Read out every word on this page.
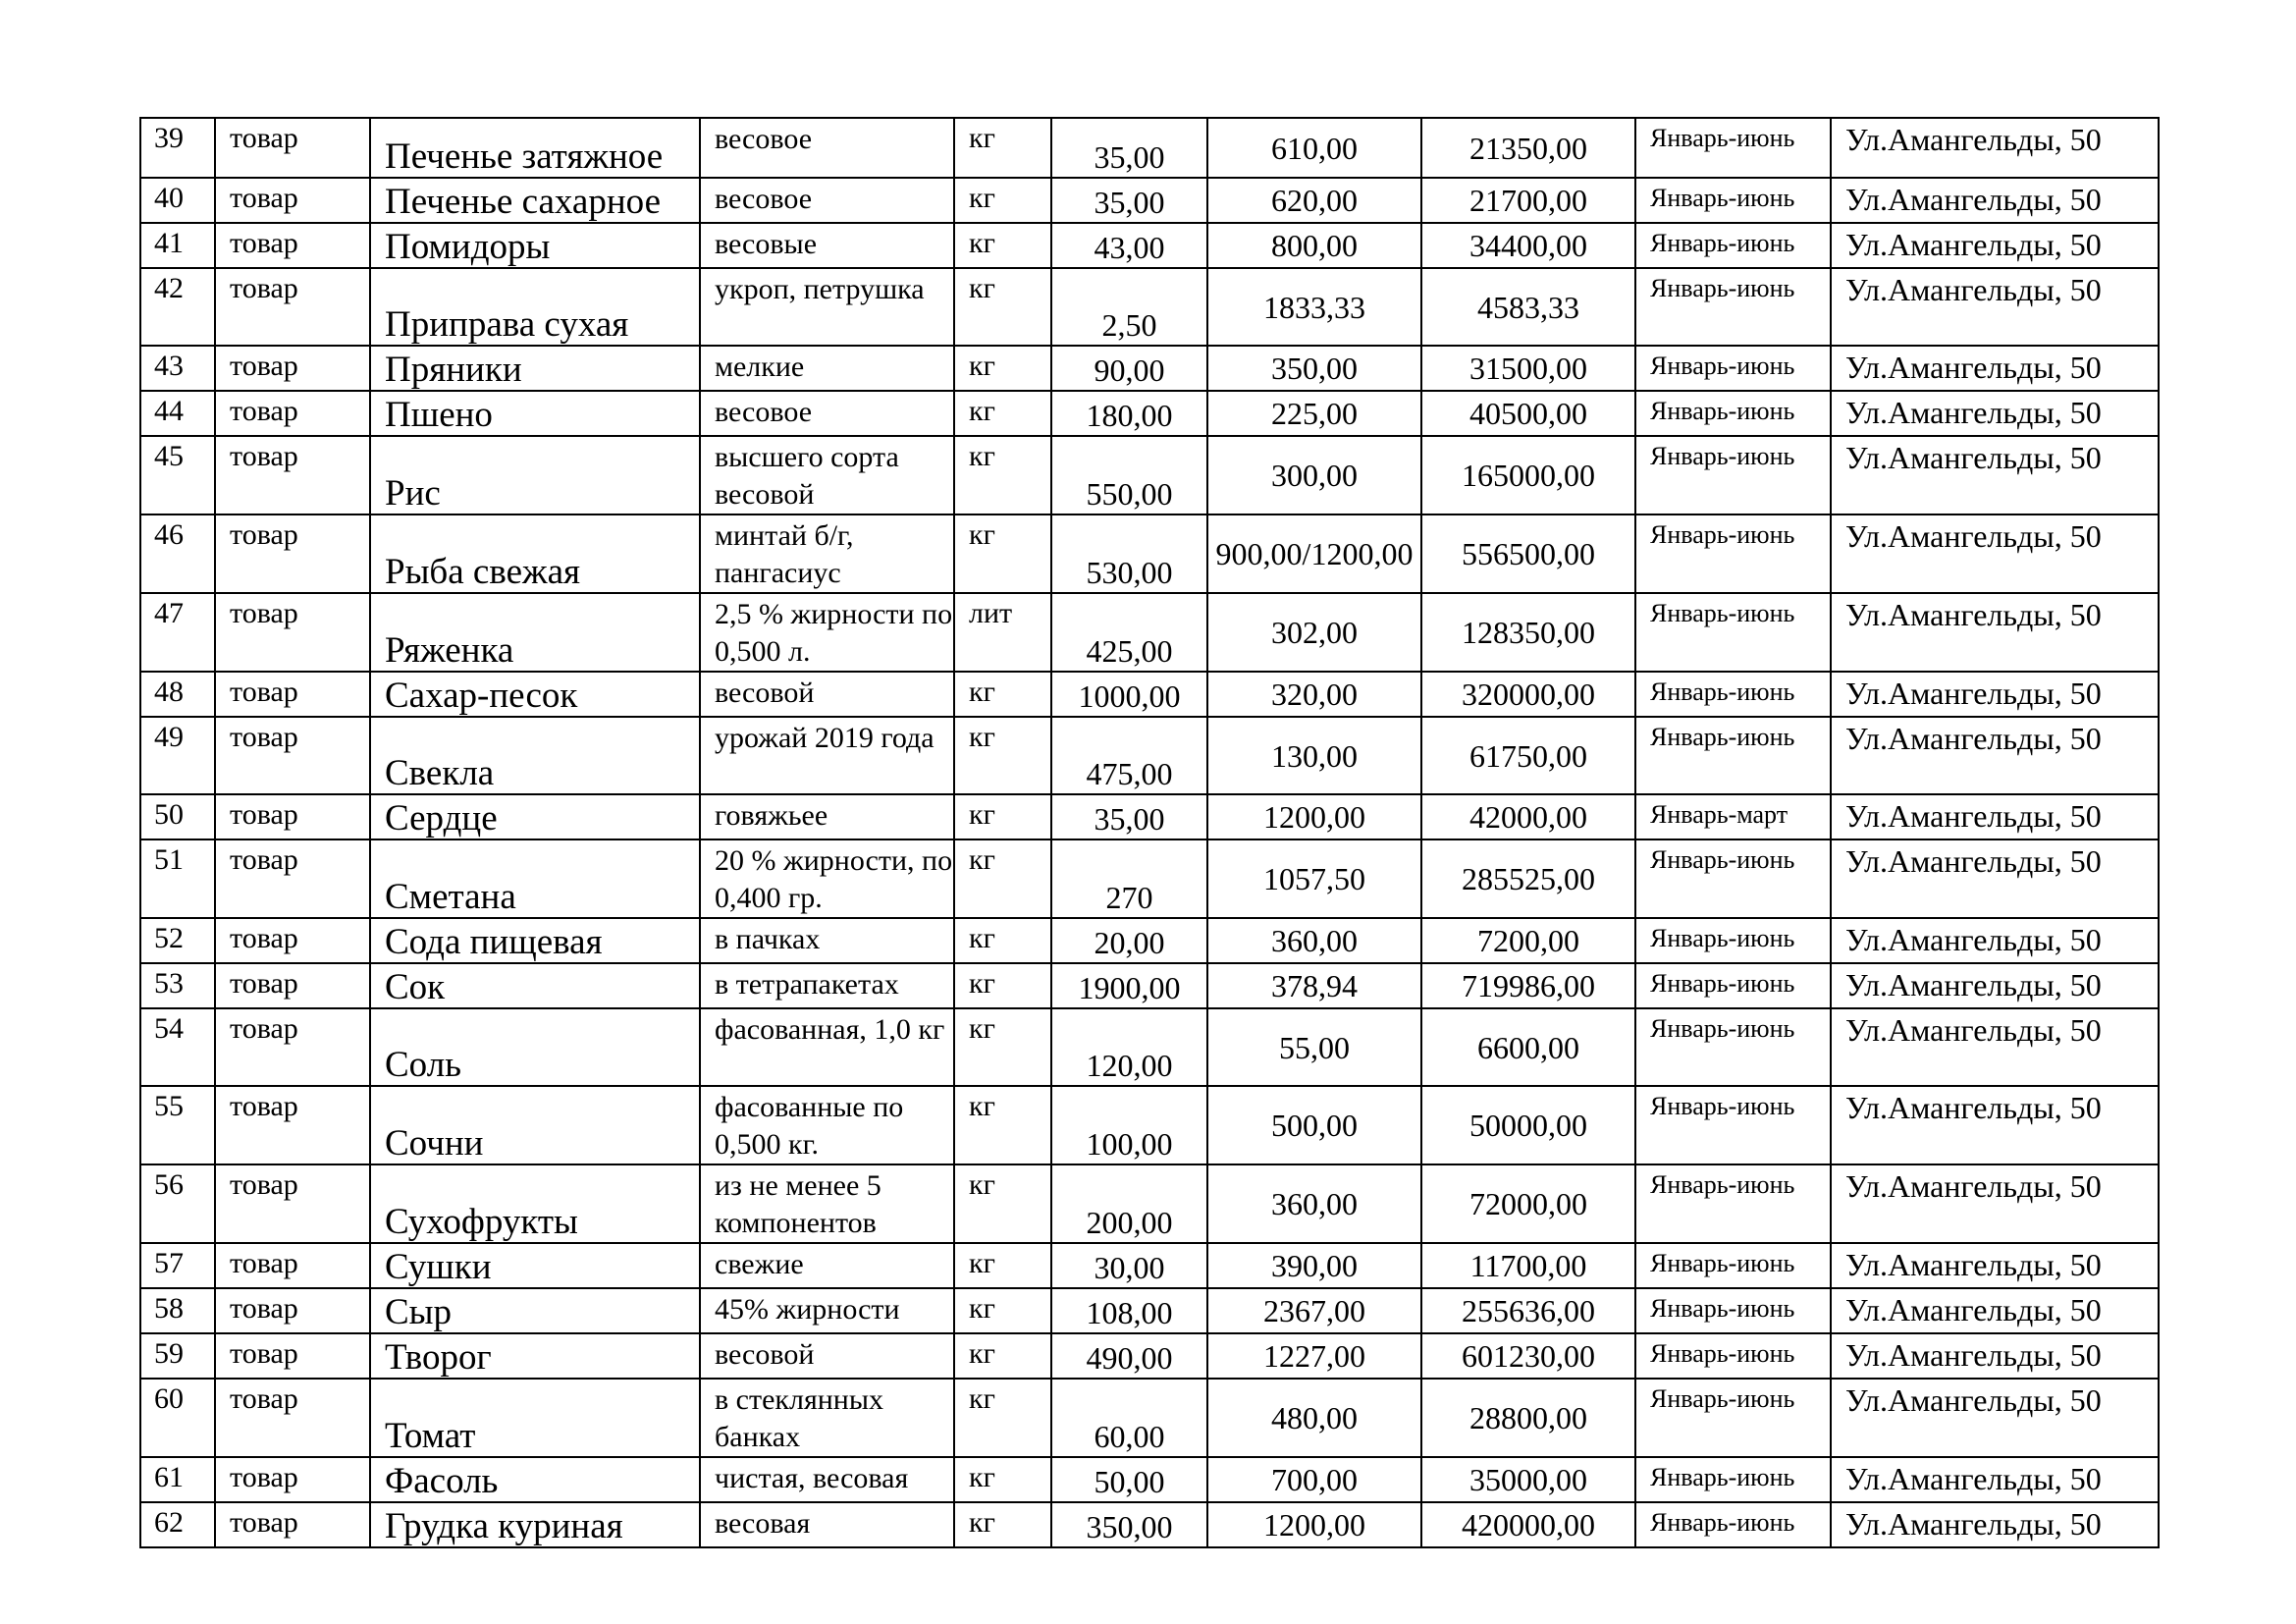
39	товар	Печенье затяжное	весовое	кг	35,00	610,00	21350,00	Январь-июнь	Ул.Амангельды, 50
40	товар	Печенье сахарное	весовое	кг	35,00	620,00	21700,00	Январь-июнь	Ул.Амангельды, 50
41	товар	Помидоры	весовые	кг	43,00	800,00	34400,00	Январь-июнь	Ул.Амангельды, 50
42	товар	Приправа сухая	укроп, петрушка	кг	2,50	1833,33	4583,33	Январь-июнь	Ул.Амангельды, 50
43	товар	Пряники	мелкие	кг	90,00	350,00	31500,00	Январь-июнь	Ул.Амангельды, 50
44	товар	Пшено	весовое	кг	180,00	225,00	40500,00	Январь-июнь	Ул.Амангельды, 50
45	товар	Рис	высшего сорта весовой	кг	550,00	300,00	165000,00	Январь-июнь	Ул.Амангельды, 50
46	товар	Рыба свежая	минтай б/г, пангасиус	кг	530,00	900,00/1200,00	556500,00	Январь-июнь	Ул.Амангельды, 50
47	товар	Ряженка	2,5 % жирности по 0,500 л.	лит	425,00	302,00	128350,00	Январь-июнь	Ул.Амангельды, 50
48	товар	Сахар-песок	весовой	кг	1000,00	320,00	320000,00	Январь-июнь	Ул.Амангельды, 50
49	товар	Свекла	урожай 2019 года	кг	475,00	130,00	61750,00	Январь-июнь	Ул.Амангельды, 50
50	товар	Сердце	говяжьее	кг	35,00	1200,00	42000,00	Январь-март	Ул.Амангельды, 50
51	товар	Сметана	20 % жирности, по 0,400 гр.	кг	270	1057,50	285525,00	Январь-июнь	Ул.Амангельды, 50
52	товар	Сода пищевая	в пачках	кг	20,00	360,00	7200,00	Январь-июнь	Ул.Амангельды, 50
53	товар	Сок	в тетрапакетах	кг	1900,00	378,94	719986,00	Январь-июнь	Ул.Амангельды, 50
54	товар	Соль	фасованная, 1,0 кг	кг	120,00	55,00	6600,00	Январь-июнь	Ул.Амангельды, 50
55	товар	Сочни	фасованные по 0,500 кг.	кг	100,00	500,00	50000,00	Январь-июнь	Ул.Амангельды, 50
56	товар	Сухофрукты	из не менее 5 компонентов	кг	200,00	360,00	72000,00	Январь-июнь	Ул.Амангельды, 50
57	товар	Сушки	свежие	кг	30,00	390,00	11700,00	Январь-июнь	Ул.Амангельды, 50
58	товар	Сыр	45% жирности	кг	108,00	2367,00	255636,00	Январь-июнь	Ул.Амангельды, 50
59	товар	Творог	весовой	кг	490,00	1227,00	601230,00	Январь-июнь	Ул.Амангельды, 50
60	товар	Томат	в стеклянных банках	кг	60,00	480,00	28800,00	Январь-июнь	Ул.Амангельды, 50
61	товар	Фасоль	чистая, весовая	кг	50,00	700,00	35000,00	Январь-июнь	Ул.Амангельды, 50
62	товар	Грудка куриная	весовая	кг	350,00	1200,00	420000,00	Январь-июнь	Ул.Амангельды, 50
